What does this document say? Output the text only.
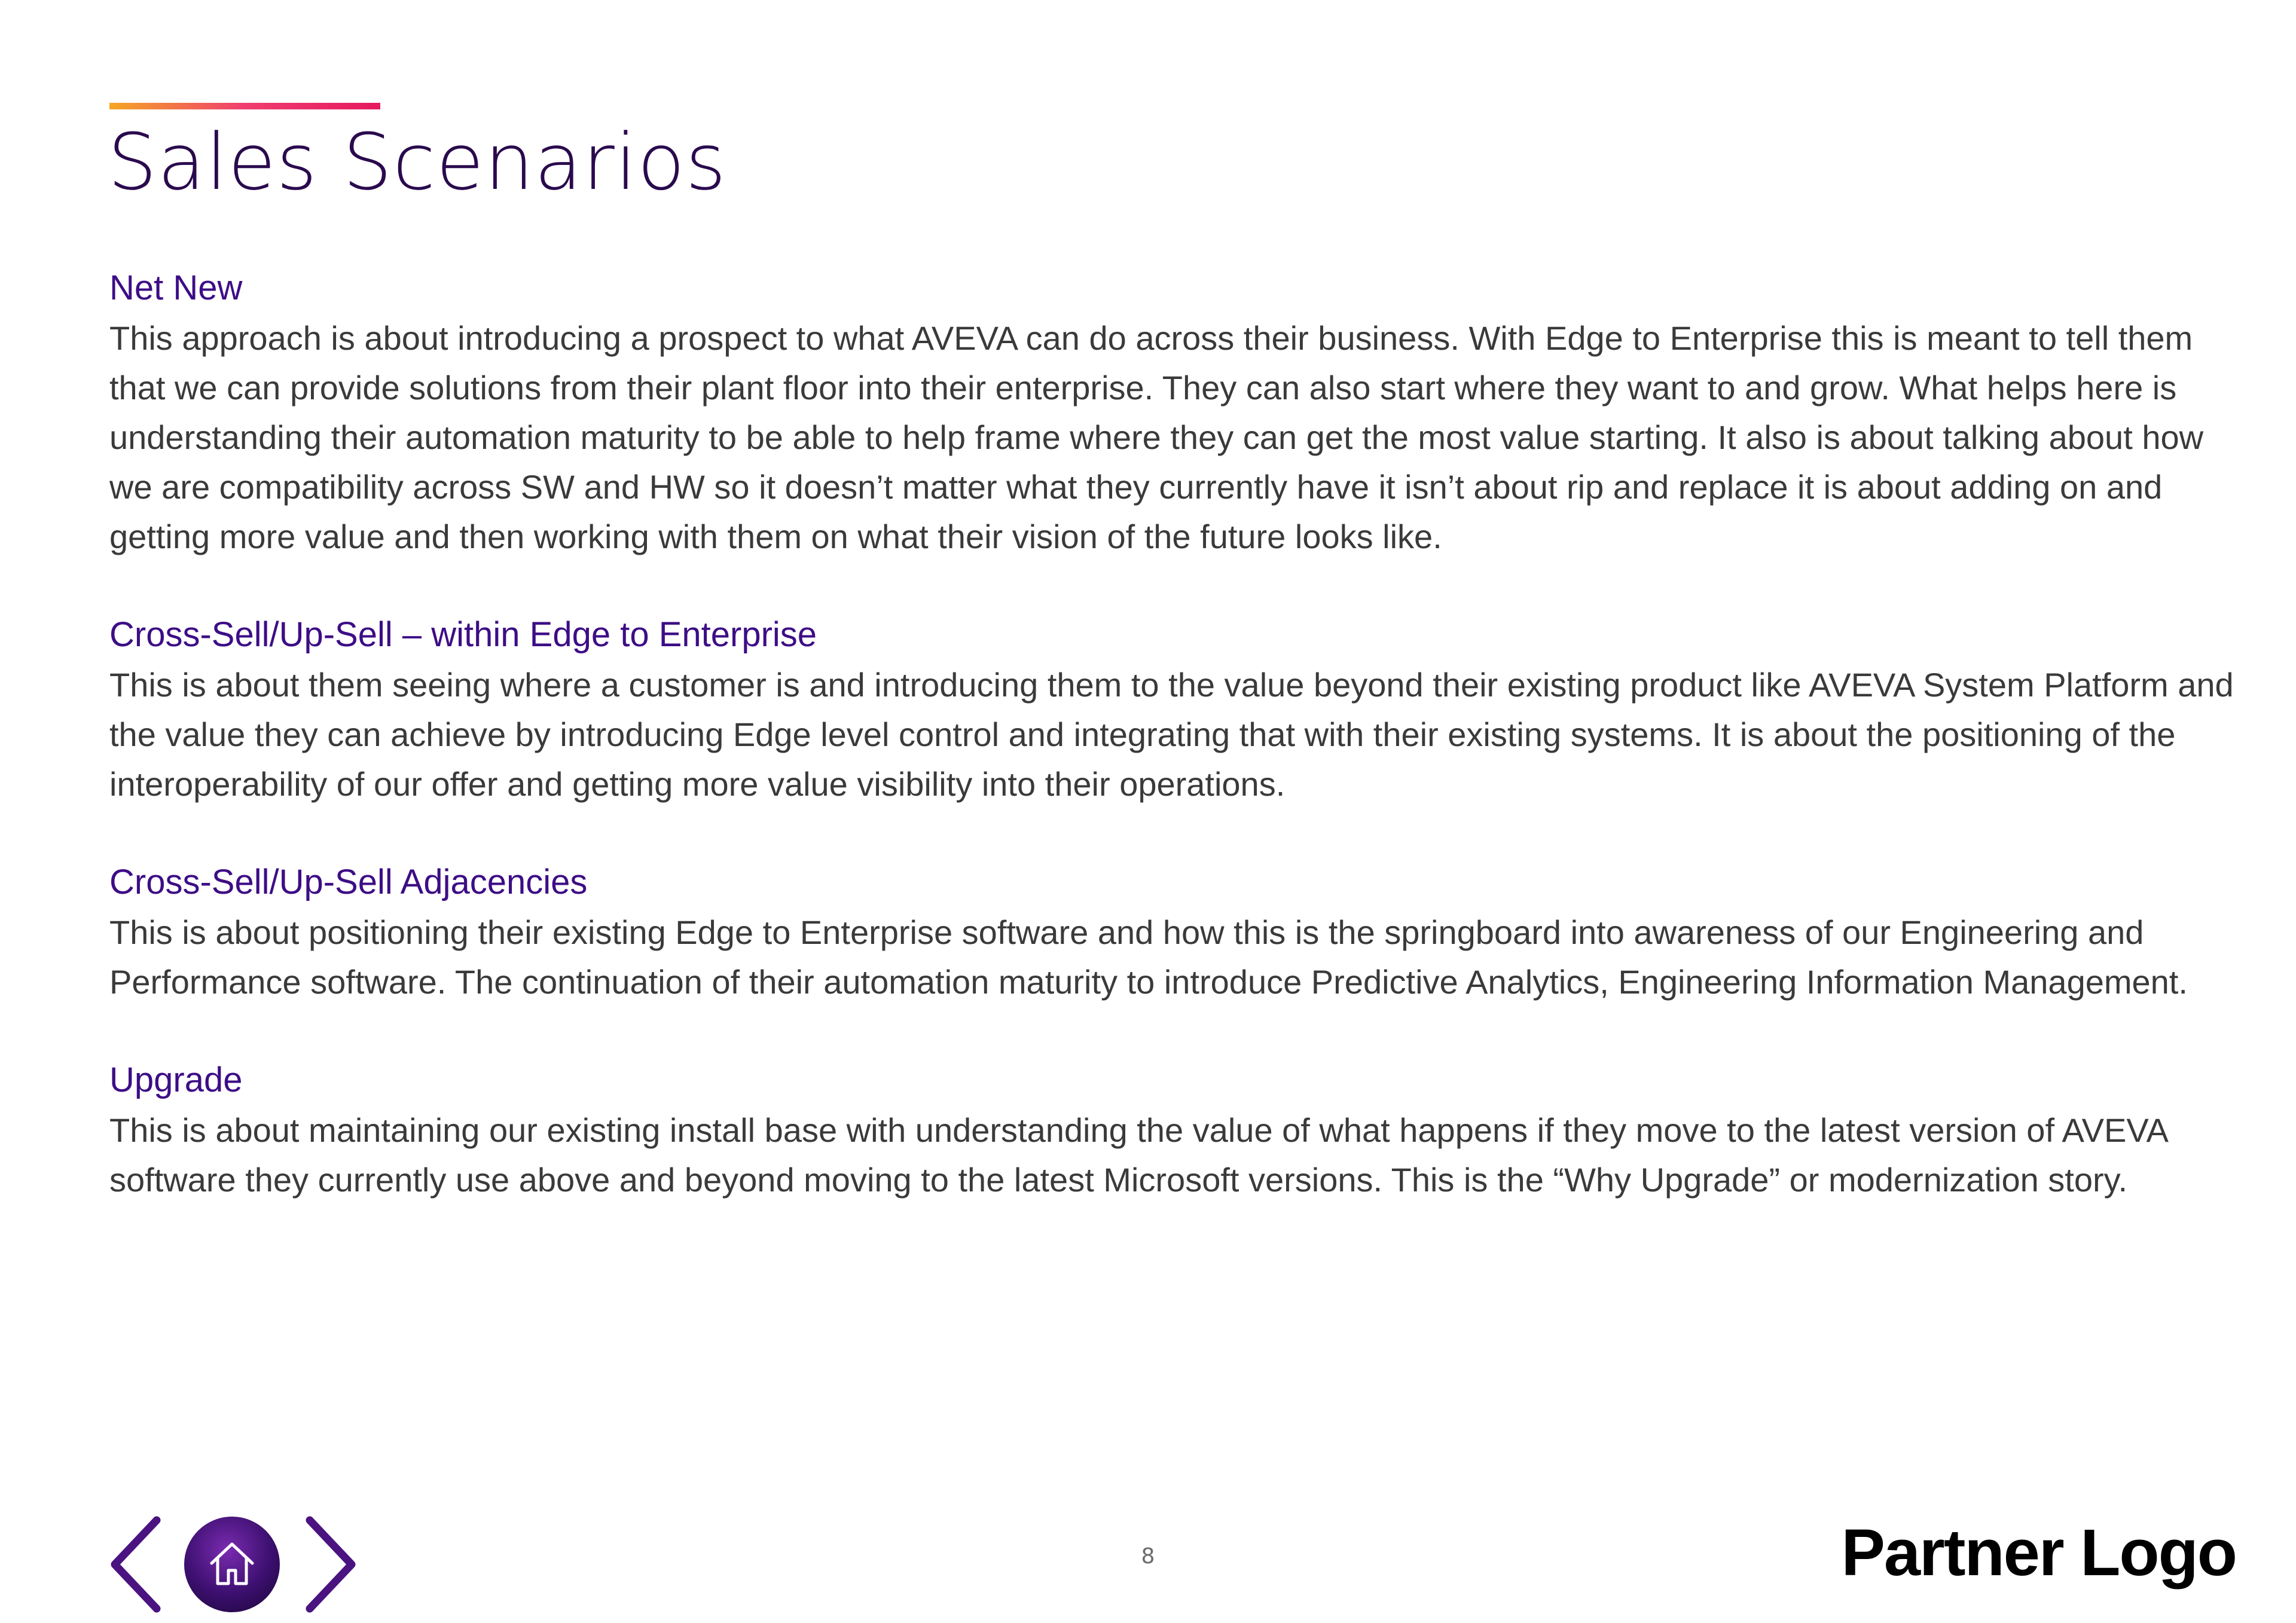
Sales Scenarios
Net New

This approach is about introducing a prospect to what AVEVA can do across their business. With Edge to Enterprise this is meant to tell them that we can provide solutions from their plant floor into their enterprise. They can also start where they want to and grow. What helps here is understanding their automation maturity to be able to help frame where they can get the most value starting. It also is about talking about how we are compatibility across SW and HW so it doesn’t matter what they currently have it isn’t about rip and replace it is about adding on and getting more value and then working with them on what their vision of the future looks like.

Cross-Sell/Up-Sell – within Edge to Enterprise

This is about them seeing where a customer is and introducing them to the value beyond their existing product like AVEVA System Platform and the value they can achieve by introducing Edge level control and integrating that with their existing systems. It is about the positioning of the interoperability of our offer and getting more value visibility into their operations.

Cross-Sell/Up-Sell Adjacencies

This is about positioning their existing Edge to Enterprise software and how this is the springboard into awareness of our Engineering and Performance software. The continuation of their automation maturity to introduce Predictive Analytics, Engineering Information Management.

Upgrade

This is about maintaining our existing install base with understanding the value of what happens if they move to the latest version of AVEVA software they currently use above and beyond moving to the latest Microsoft versions. This is the “Why Upgrade” or modernization story.

8	Partner Logo
